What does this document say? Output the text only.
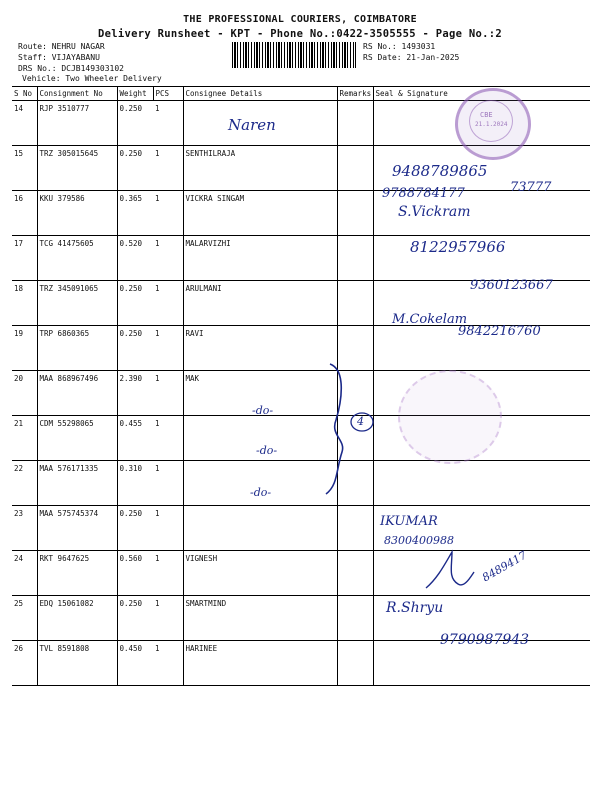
THE PROFESSIONAL COURIERS, COIMBATORE
Delivery Runsheet - KPT - Phone No.:0422-3505555 - Page No.:2
Route: NEHRU NAGAR
Staff: VIJAYABANU
DRS No.: DCJB149303102
Vehicle: Two Wheeler Delivery
RS No.: 1493031
RS Date: 21-Jan-2025
S No	Consignment No	Weight	PCS	Consignee Details	Remarks	Seal & Signature
14	RJP 3510777	0.250	1			
15	TRZ 305015645	0.250	1	SENTHILRAJA		
16	KKU 379586	0.365	1	VICKRA SINGAM		
17	TCG 41475605	0.520	1	MALARVIZHI		
18	TRZ 345091065	0.250	1	ARULMANI		
19	TRP 6860365	0.250	1	RAVI		
20	MAA 868967496	2.390	1	MAK		
21	CDM 55298065	0.455	1			
22	MAA 576171335	0.310	1			
23	MAA 575745374	0.250	1			
24	RKT 9647625	0.560	1	VIGNESH		
25	EDQ 15061082	0.250	1	SMARTMIND		
26	TVL 8591808	0.450	1	HARINEE		
CBE
21.1.2024
Naren
9488789865
9788784177	73777
S.Vickram
8122957966
9360123667
M.Cokelam
9842216760
-do-
-do-
-do-
4
IKUMAR
8300400988
8489417
R.Shryu
9790987943
